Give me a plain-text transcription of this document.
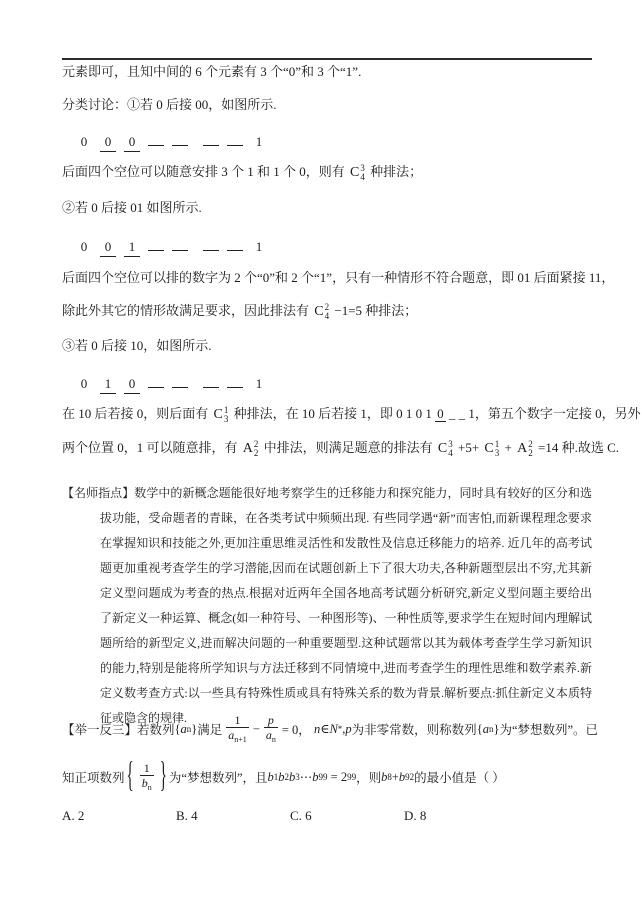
元素即可，且知中间的 6 个元素有 3 个“0”和 3 个“1”.
分类讨论：①若 0 后接 00，如图所示.
0 0 0	1
后面四个空位可以随意安排 3 个 1 和 1 个 0，则有 C 3
4 种排法；
②若 0 后接 01 如图所示.
0 0 1	1
后面四个空位可以排的数字为 2 个“0”和 2 个“1”，只有一种情形不符合题意，即 01 后面紧接 11，
除此外其它的情形故满足要求，因此排法有 C 2
4 −1=5 种排法；
③若 0 后接 10，如图所示.
0 1 0	1
在 10 后若接 0，则后面有 C 1
3 种排法，在 10 后若接 1，即 0 1 0 1 0 _ _ 1，第五个数字一定接 0，另外
两个位置 0，1 可以随意排，有 A 2
2 中排法，则满足题意的排法有 C 3
4 +5+ C 1
3 + A 2
2 =14 种.故选 C.
【名师指点】数学中的新概念题能很好地考察学生的迁移能力和探究能力，同时具有较好的区分和选拔功能，受命题者的青睐，在各类考试中频频出现. 有些同学遇“新”而害怕,而新课程理念要求在掌握知识和技能之外,更加注重思维灵活性和发散性及信息迁移能力的培养. 近几年的高考试题更加重视考查学生的学习潜能,因而在试题创新上下了很大功夫,各种新题型层出不穷,尤其新定义型问题成为考查的热点.根据对近两年全国各地高考试题分析研究,新定义型问题主要给出了新定义一种运算、概念(如一种符号、一种图形等)、一种性质等,要求学生在短时间内理解试题所给的新型定义,进而解决问题的一种重要题型.这种试题常以其为载体考查学生学习新知识的能力,特别是能将所学知识与方法迁移到不同情境中,进而考查学生的理性思维和数学素养.新定义数考查方式:以一些具有特殊性质或具有特殊关系的数为背景.解析要点:抓住新定义本质特征或隐含的规律.
【举一反三】 若数列 { a n } 满足
1
$a_{n+1}$
− $\frac{p}{a_n} = 0$，
n ∈ N * , p 为非零常数，则称数列 { a n } 为“梦想数列”。已
知正项数列 { 1
$b_n$ } 为“梦想数列”，且 b 1 b 2 b 3 ⋯ b 99
= 2 99 ，则 b 8 + b 92 的最小值是（ ）
A. 2	B. 4	C. 6	D. 8
